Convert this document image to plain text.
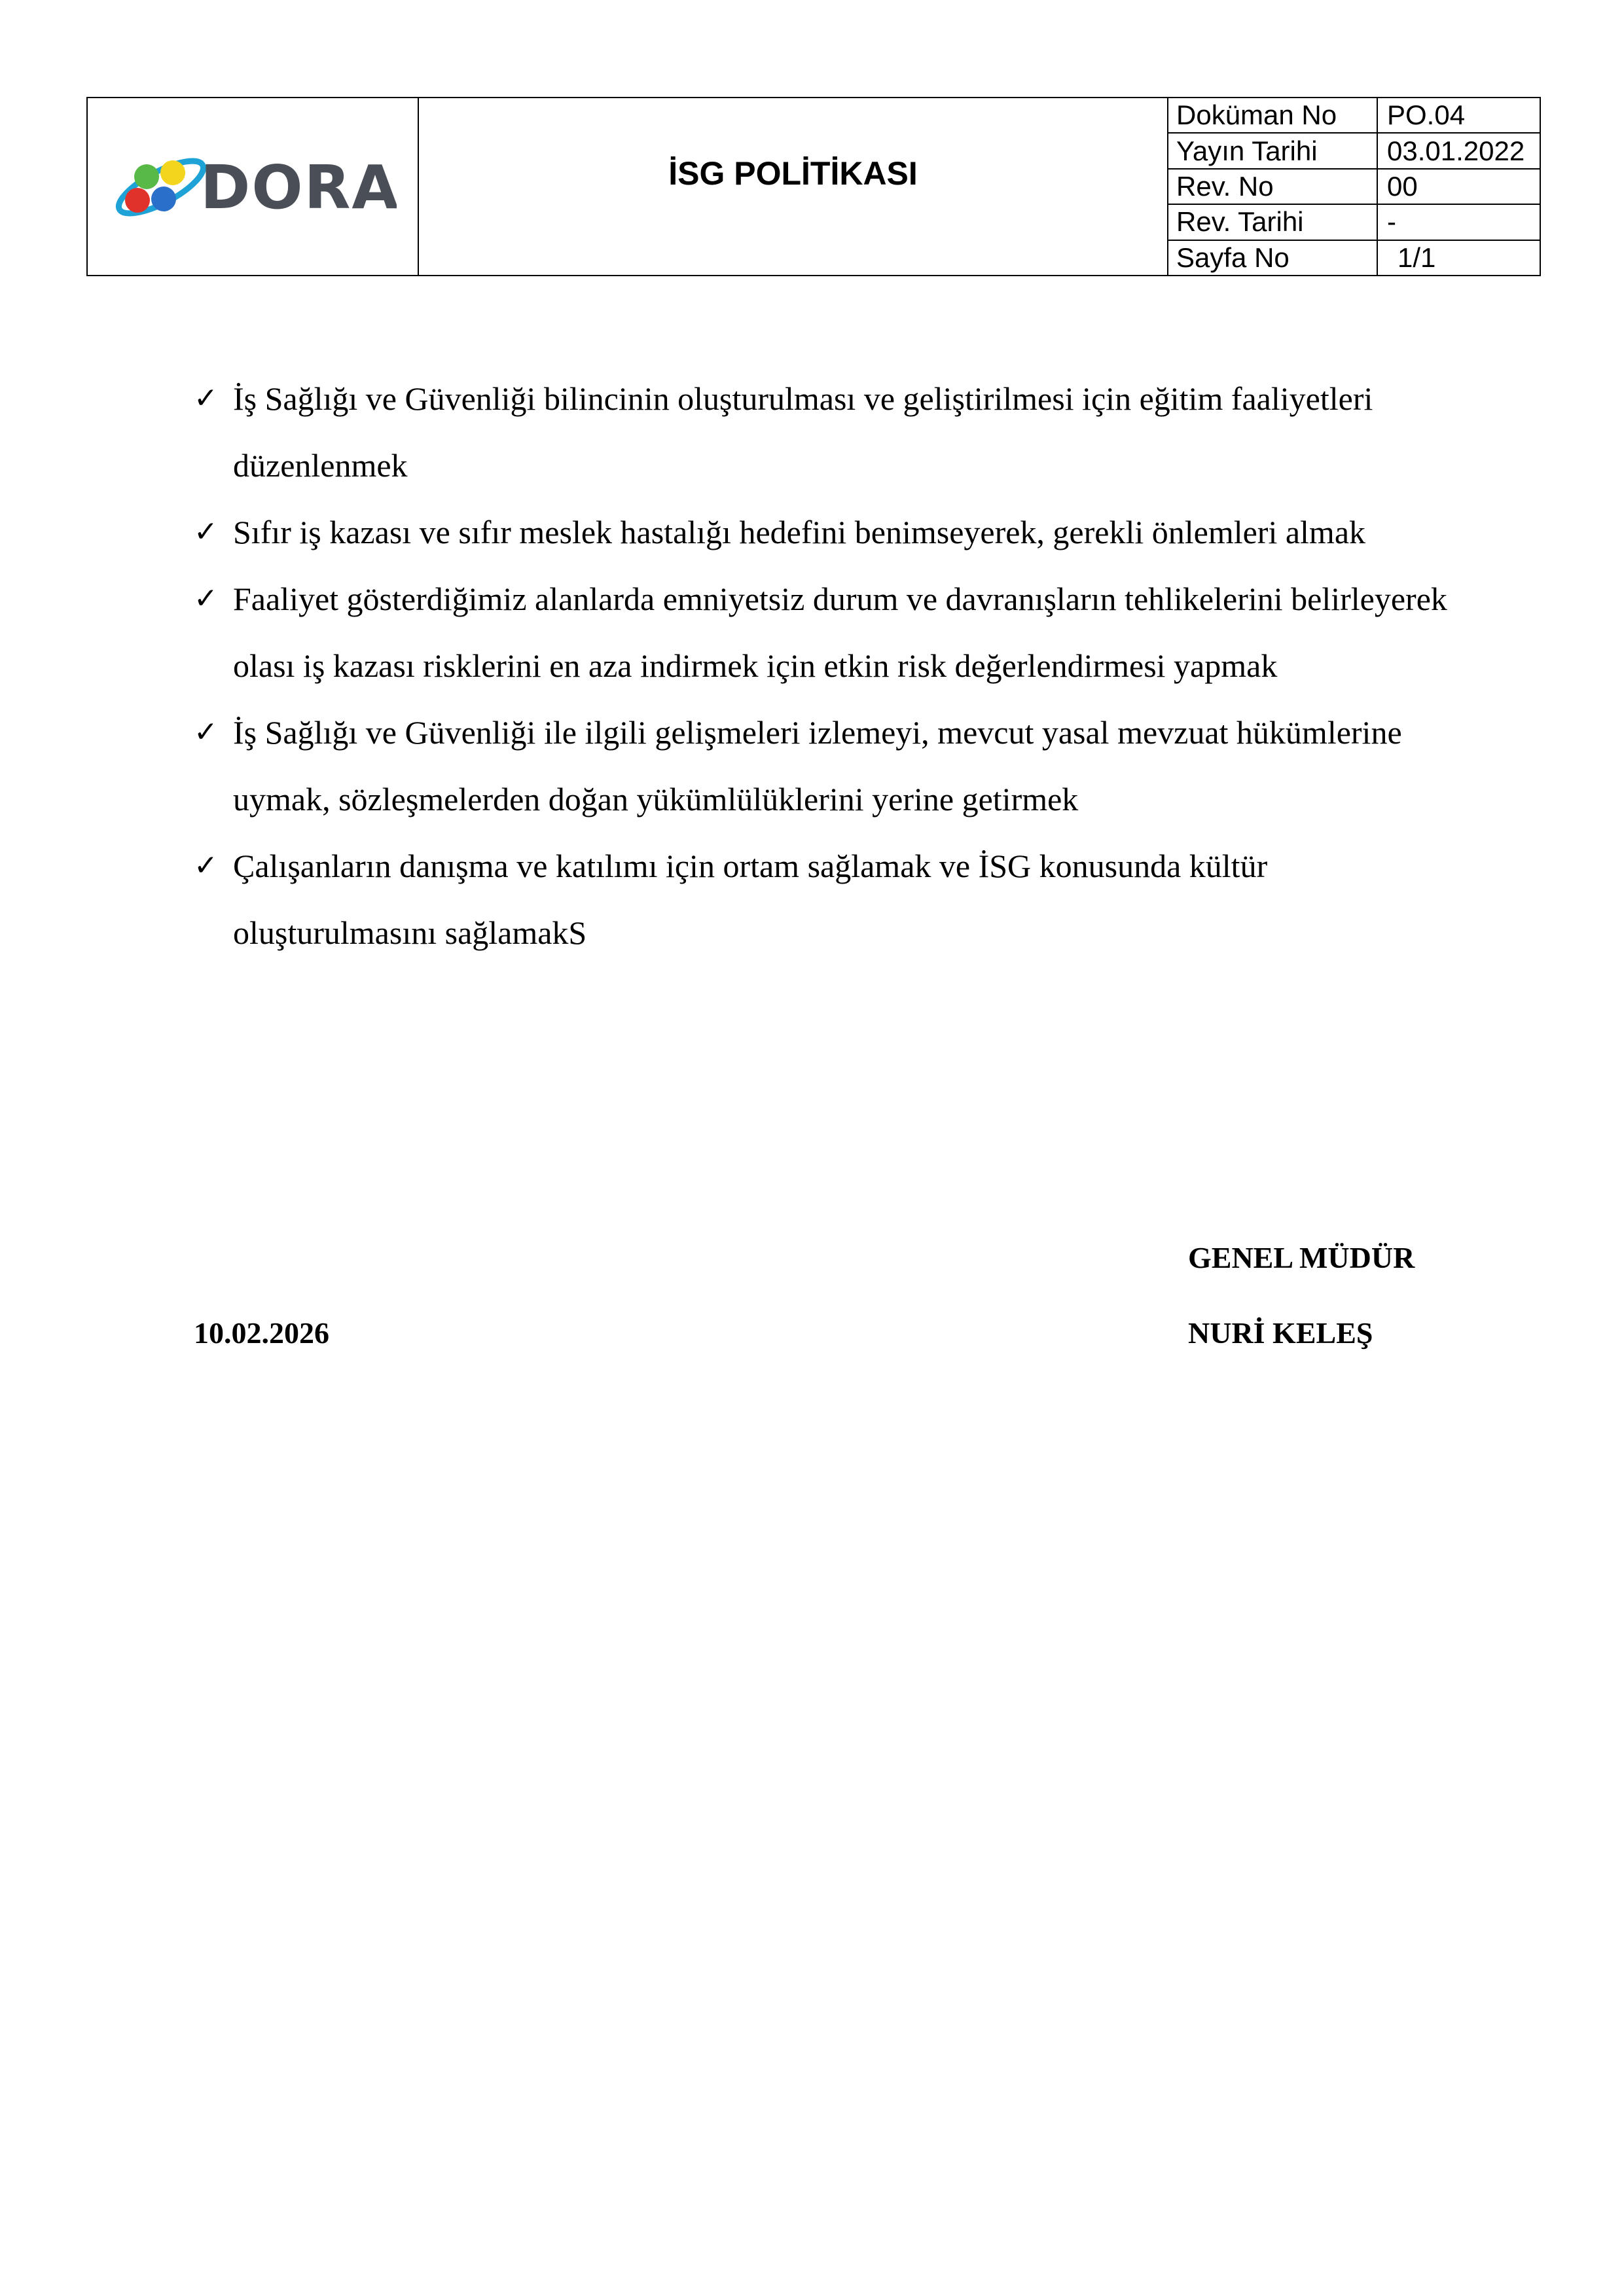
DORA	İSG POLİTİKASI	Doküman No	PO.04
		Yayın Tarihi	03.01.2022
		Rev. No	00
		Rev. Tarihi	-
		Sayfa No	1/1
✓ İş Sağlığı ve Güvenliği bilincinin oluşturulması ve geliştirilmesi için eğitim faaliyetleri düzenlenmek
✓ Sıfır iş kazası ve sıfır meslek hastalığı hedefini benimseyerek, gerekli önlemleri almak
✓ Faaliyet gösterdiğimiz alanlarda emniyetsiz durum ve davranışların tehlikelerini belirleyerek olası iş kazası risklerini en aza indirmek için etkin risk değerlendirmesi yapmak
✓ İş Sağlığı ve Güvenliği ile ilgili gelişmeleri izlemeyi, mevcut yasal mevzuat hükümlerine uymak, sözleşmelerden doğan yükümlülüklerini yerine getirmek
✓ Çalışanların danışma ve katılımı için ortam sağlamak ve İSG konusunda kültür oluşturulmasını sağlamakS
GENEL MÜDÜR
10.02.2026	NURİ KELEŞ
